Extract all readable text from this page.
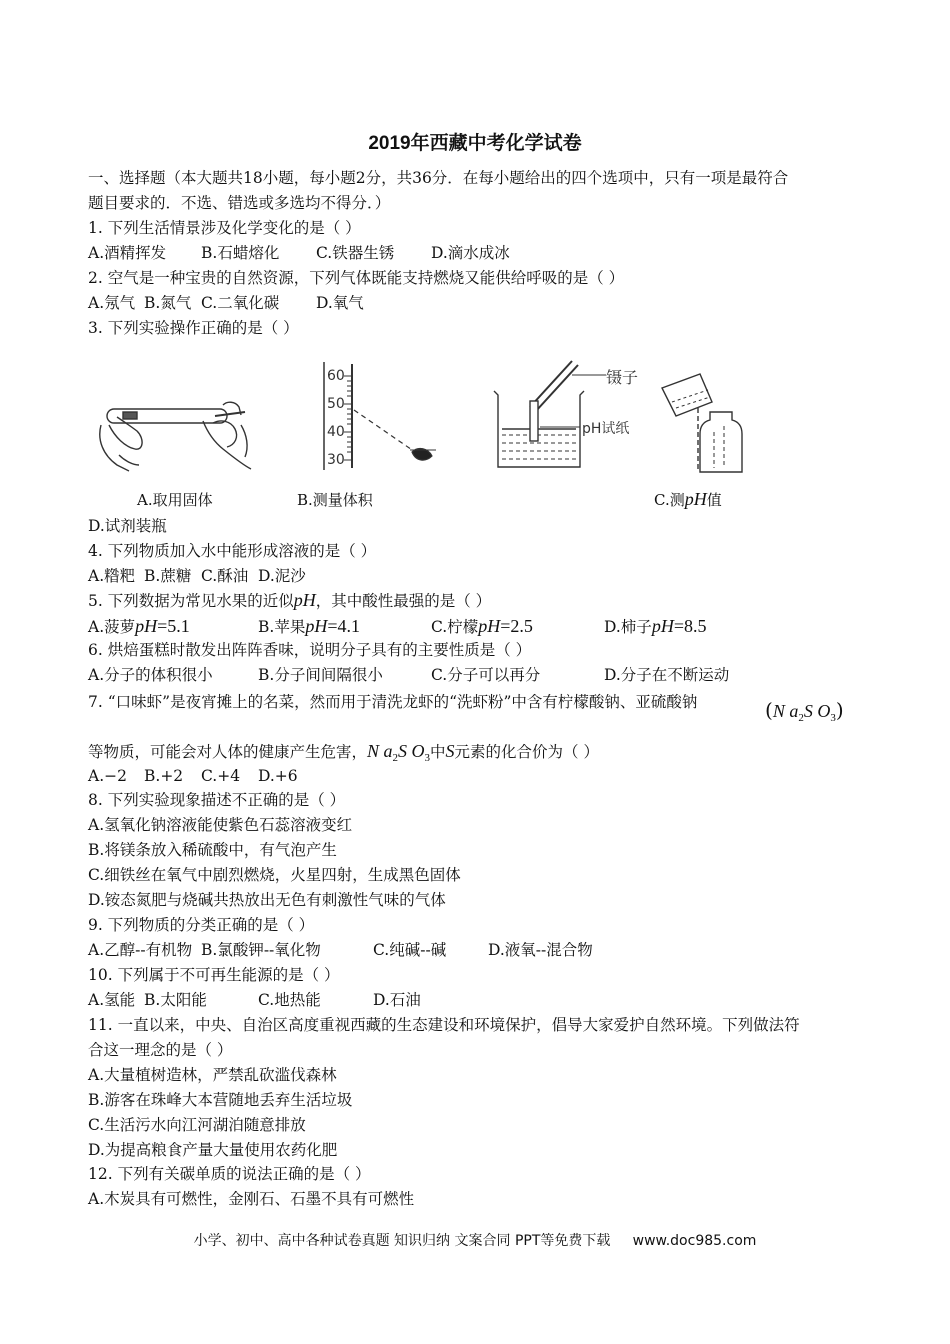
2019年西藏中考化学试卷
一、选择题（本大题共18小题，每小题2分，共36分．在每小题给出的四个选项中，只有一项是最符合
题目要求的．不选、错选或多选均不得分．）
1. 下列生活情景涉及化学变化的是（ ）
A.酒精挥发 B.石蜡熔化 C.铁器生锈 D.滴水成冰
2. 空气是一种宝贵的自然资源，下列气体既能支持燃烧又能供给呼吸的是（ ）
A.氖气 B.氮气 C.二氧化碳 D.氧气
3. 下列实验操作正确的是（ ）
60
50
40
30
镊子
pH试纸
A.取用固体	B.测量体积	C.测pH值
D.试剂装瓶
4. 下列物质加入水中能形成溶液的是（ ）
A.糌粑 B.蔗糖 C.酥油 D.泥沙
5. 下列数据为常见水果的近似pH，其中酸性最强的是（ ）
A.菠萝pH=5.1	B.苹果pH=4.1	C.柠檬pH=2.5	D.柿子pH=8.5
6. 烘焙蛋糕时散发出阵阵香味，说明分子具有的主要性质是（ ）
A.分子的体积很小	B.分子间间隔很小	C.分子可以再分	D.分子在不断运动
7. “口味虾”是夜宵摊上的名菜，然而用于清洗龙虾的“洗虾粉”中含有柠檬酸钠、亚硫酸钠	(N $a_2S$ $O_3$)
等物质，可能会对人体的健康产生危害，N $a_2S$ $O_3$中S元素的化合价为（ ）
A.−2 B.+2 C.+4 D.+6
8. 下列实验现象描述不正确的是（ ）
A.氢氧化钠溶液能使紫色石蕊溶液变红
B.将镁条放入稀硫酸中，有气泡产生
C.细铁丝在氧气中剧烈燃烧，火星四射，生成黑色固体
D.铵态氮肥与烧碱共热放出无色有刺激性气味的气体
9. 下列物质的分类正确的是（ ）
A.乙醇--有机物 B.氯酸钾--氧化物	C.纯碱--碱	D.液氧--混合物
10. 下列属于不可再生能源的是（ ）
A.氢能 B.太阳能	C.地热能	D.石油
11. 一直以来，中央、自治区高度重视西藏的生态建设和环境保护，倡导大家爱护自然环境。下列做法符
合这一理念的是（ ）
A.大量植树造林，严禁乱砍滥伐森林
B.游客在珠峰大本营随地丢弃生活垃圾
C.生活污水向江河湖泊随意排放
D.为提高粮食产量大量使用农药化肥
12. 下列有关碳单质的说法正确的是（ ）
A.木炭具有可燃性，金刚石、石墨不具有可燃性
小学、初中、高中各种试卷真题 知识归纳 文案合同 PPT等免费下载 www.doc985.com
